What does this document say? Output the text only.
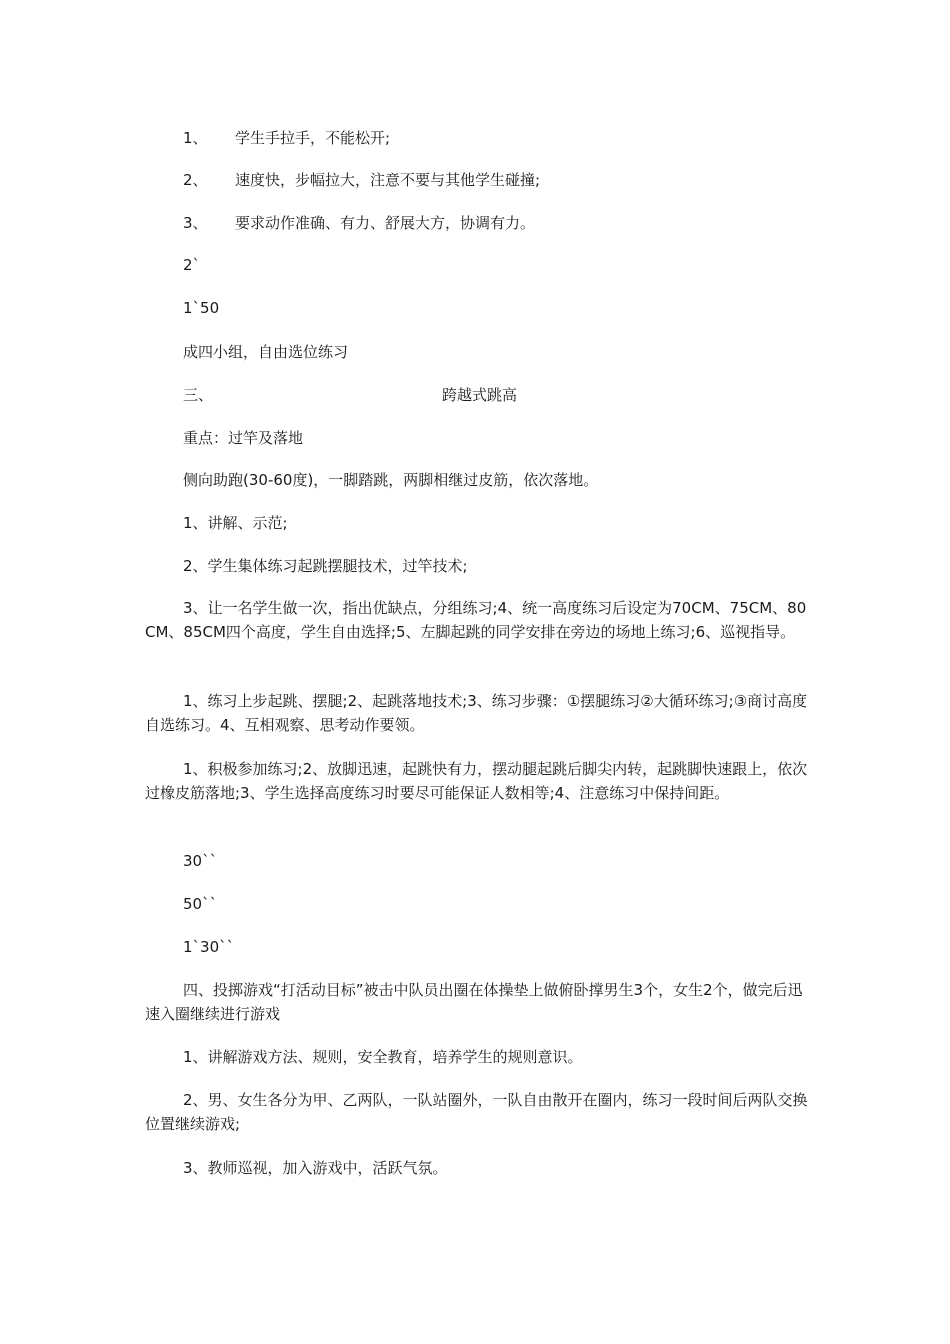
1、 学生手拉手，不能松开;
2、 速度快，步幅拉大，注意不要与其他学生碰撞;
3、 要求动作准确、有力、舒展大方，协调有力。
2`
1`50
成四小组，自由选位练习
三、	跨越式跳高
重点：过竿及落地
侧向助跑(30-60度)，一脚踏跳，两脚相继过皮筋，依次落地。
1、讲解、示范;
2、学生集体练习起跳摆腿技术，过竿技术;
3、让一名学生做一次，指出优缺点，分组练习;4、统一高度练习后设定为70CM、75CM、80CM、85CM四个高度，学生自由选择;5、左脚起跳的同学安排在旁边的场地上练习;6、巡视指导。
1、练习上步起跳、摆腿;2、起跳落地技术;3、练习步骤：①摆腿练习②大循环练习;③商讨高度自选练习。4、互相观察、思考动作要领。
1、积极参加练习;2、放脚迅速，起跳快有力，摆动腿起跳后脚尖内转，起跳脚快速跟上，依次过橡皮筋落地;3、学生选择高度练习时要尽可能保证人数相等;4、注意练习中保持间距。
30``
50``
1`30``
四、投掷游戏“打活动目标”被击中队员出圈在体操垫上做俯卧撑男生3个，女生2个，做完后迅速入圈继续进行游戏
1、讲解游戏方法、规则，安全教育，培养学生的规则意识。
2、男、女生各分为甲、乙两队，一队站圈外，一队自由散开在圈内，练习一段时间后两队交换位置继续游戏;
3、教师巡视，加入游戏中，活跃气氛。
